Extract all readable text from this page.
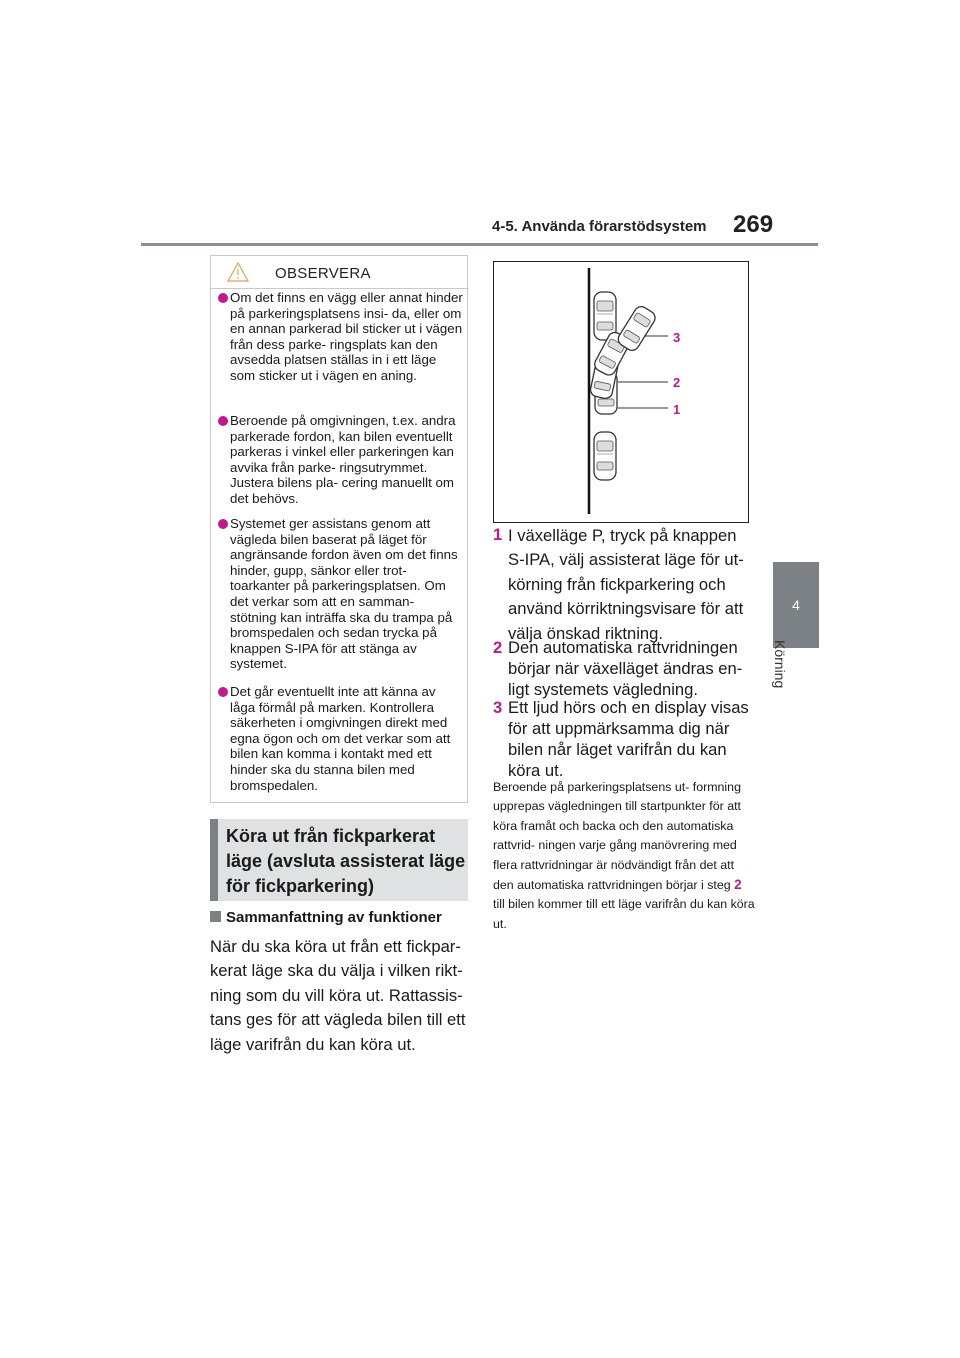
4-5. Använda förarstödsystem 269
4
Körning
OBSERVERA
Om det finns en vägg eller annat hinder på parkeringsplatsens insi- da, eller om en annan parkerad bil sticker ut i vägen från dess parke- ringsplats kan den avsedda platsen ställas in i ett läge som sticker ut i vägen en aning.
Beroende på omgivningen, t.ex. andra parkerade fordon, kan bilen eventuellt parkeras i vinkel eller parkeringen kan avvika från parke- ringsutrymmet. Justera bilens pla- cering manuellt om det behövs.
Systemet ger assistans genom att vägleda bilen baserat på läget för angränsande fordon även om det finns hinder, gupp, sänkor eller trot- toarkanter på parkeringsplatsen. Om det verkar som att en samman- stötning kan inträffa ska du trampa på bromspedalen och sedan trycka på knappen S-IPA för att stänga av systemet.
Det går eventuellt inte att känna av låga förmål på marken. Kontrollera säkerheten i omgivningen direkt med egna ögon och om det verkar som att bilen kan komma i kontakt med ett hinder ska du stanna bilen med bromspedalen.
Köra ut från fickparkerat läge (avsluta assisterat läge för fickparkering)
Sammanfattning av funktioner
När du ska köra ut från ett fickpar- kerat läge ska du välja i vilken rikt- ning som du vill köra ut. Rattassis- tans ges för att vägleda bilen till ett läge varifrån du kan köra ut.
3
2
1
1 I växelläge P, tryck på knappen S-IPA, välj assisterat läge för ut- körning från fickparkering och använd körriktningsvisare för att välja önskad riktning.
2 Den automatiska rattvridningen börjar när växelläget ändras en- ligt systemets vägledning.
3 Ett ljud hörs och en display visas för att uppmärksamma dig när bilen når läget varifrån du kan köra ut.
Beroende på parkeringsplatsens ut- formning upprepas vägledningen till startpunkter för att köra framåt och backa och den automatiska rattvrid- ningen varje gång manövrering med flera rattvridningar är nödvändigt från det att den automatiska rattvridningen börjar i steg 2 till bilen kommer till ett läge varifrån du kan köra ut.
